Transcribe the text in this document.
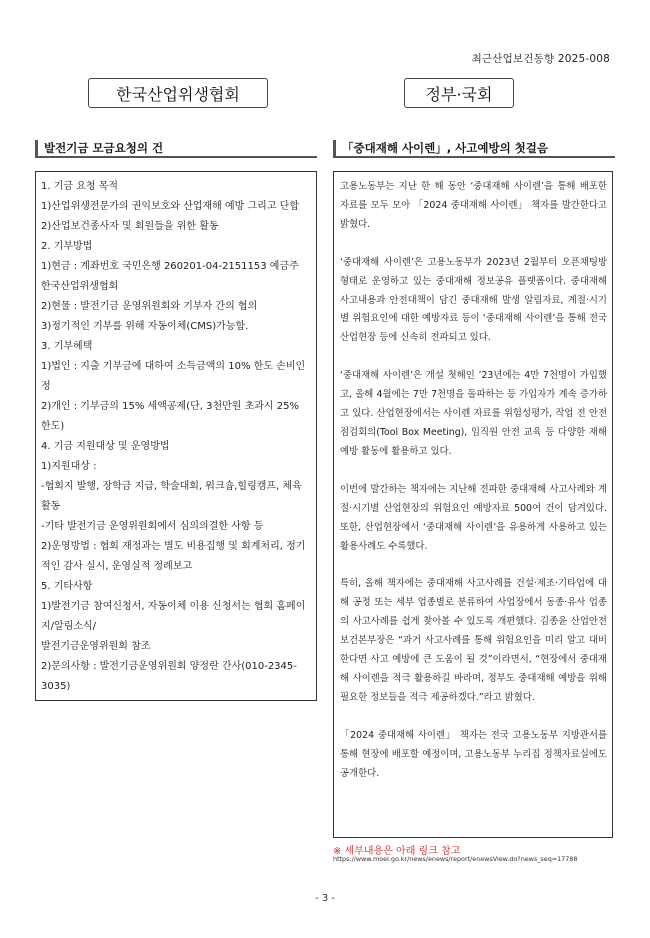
최근산업보건동향 2025-008
한국산업위생협회	정부·국회
발전기금 모금요청의 건	「중대재해 사이렌」, 사고예방의 첫걸음

1. 기금 요청 목적

1)산업위생전문가의 권익보호와 산업재해 예방 그리고 단합

2)산업보건종사자 및 회원들을 위한 활동

2. 기부방법

1)현금 : 계좌번호 국민은행 260201-04-2151153 예금주 한국산업위생협회

2)현물 : 발전기금 운영위원회와 기부자 간의 협의

3)정기적인 기부를 위해 자동이체(CMS)가능함.

3. 기부혜택

1)법인 : 지출 기부금에 대하여 소득금액의 10% 한도 손비인정

2)개인 : 기부금의 15% 세액공제(단, 3천만원 초과시 25% 한도)

4. 기금 지원대상 및 운영방법

1)지원대상 :

-협회지 발행, 장학금 지급, 학술대회, 워크숍,힐링캠프, 체육활동

-기타 발전기금 운영위원회에서 심의의결한 사항 등

2)운영방법 : 협회 재정과는 별도 비용집행 및 회계처리, 정기적인 감사 실시, 운영실적 정례보고

5. 기타사항

1)발전기금 참여신청서, 자동이체 이용 신청서는 협회 홈페이지/알림소식/

발전기금운영위원회 참조

2)문의사항 : 발전기금운영위원회 양정란 간사(010-2345-3035)

고용노동부는 지난 한 해 동안 ‘중대재해 사이렌’을 통해 배포한 자료를 모두 모아 「2024 중대재해 사이렌」 책자를 발간한다고 밝혔다.

‘중대재해 사이렌’은 고용노동부가 2023년 2월부터 오픈채팅방 형태로 운영하고 있는 중대재해 정보공유 플랫폼이다. 중대재해 사고내용과 안전대책이 담긴 중대재해 발생 알림자료, 계절·시기별 위험요인에 대한 예방자료 등이 ‘중대재해 사이렌’을 통해 전국 산업현장 등에 신속히 전파되고 있다.

‘중대재해 사이렌’은 개설 첫해인 ’23년에는 4만 7천명이 가입했고, 올해 4월에는 7만 7천명을 돌파하는 등 가입자가 계속 증가하고 있다. 산업현장에서는 사이렌 자료를 위험성평가, 작업 전 안전점검회의(Tool Box Meeting), 임직원 안전 교육 등 다양한 재해예방 활동에 활용하고 있다.

이번에 발간하는 책자에는 지난해 전파한 중대재해 사고사례와 계절·시기별 산업현장의 위험요인 예방자료 500여 건이 담겨있다. 또한, 산업현장에서 ‘중대재해 사이렌’을 유용하게 사용하고 있는 활용사례도 수록했다.

특히, 올해 책자에는 중대재해 사고사례를 건설·제조·기타업에 대해 공정 또는 세부 업종별로 분류하여 사업장에서 동종·유사 업종의 사고사례를 쉽게 찾아볼 수 있도록 개편했다. 김종윤 산업안전보건본부장은 “과거 사고사례를 통해 위험요인을 미리 알고 대비한다면 사고 예방에 큰 도움이 될 것”이라면서, “현장에서 중대재해 사이렌을 적극 활용하길 바라며, 정부도 중대재해 예방을 위해 필요한 정보들을 적극 제공하겠다.”라고 밝혔다.

「2024 중대재해 사이렌」 책자는 전국 고용노동부 지방관서를 통해 현장에 배포할 예정이며, 고용노동부 누리집 정책자료실에도 공개한다.

※ 세부내용은 아래 링크 참고
https://www.moel.go.kr/news/enews/report/enewsView.do?news_seq=17788
- 3 -
